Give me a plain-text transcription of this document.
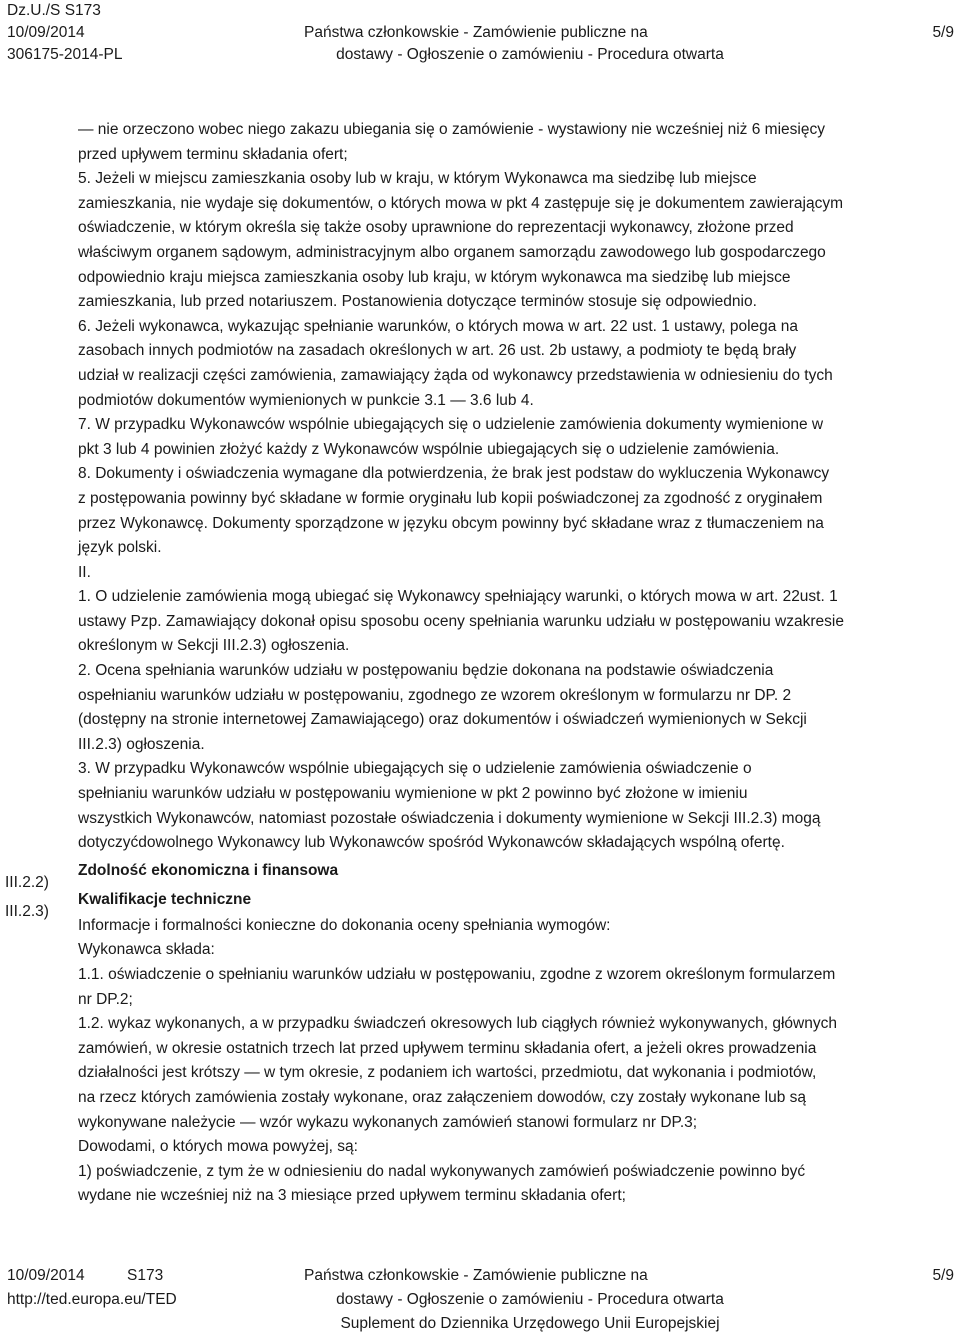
Dz.U./S S173
10/09/2014
306175-2014-PL
Państwa członkowskie - Zamówienie publiczne na
dostawy - Ogłoszenie o zamówieniu - Procedura otwarta
5/9
III.2.2)
III.2.3)
— nie orzeczono wobec niego zakazu ubiegania się o zamówienie - wystawiony nie wcześniej niż 6 miesięcy
przed upływem terminu składania ofert;
5. Jeżeli w miejscu zamieszkania osoby lub w kraju, w którym Wykonawca ma siedzibę lub miejsce
zamieszkania, nie wydaje się dokumentów, o których mowa w pkt 4 zastępuje się je dokumentem zawierającym
oświadczenie, w którym określa się także osoby uprawnione do reprezentacji wykonawcy, złożone przed
właściwym organem sądowym, administracyjnym albo organem samorządu zawodowego lub gospodarczego
odpowiednio kraju miejsca zamieszkania osoby lub kraju, w którym wykonawca ma siedzibę lub miejsce
zamieszkania, lub przed notariuszem. Postanowienia dotyczące terminów stosuje się odpowiednio.
6. Jeżeli wykonawca, wykazując spełnianie warunków, o których mowa w art. 22 ust. 1 ustawy, polega na
zasobach innych podmiotów na zasadach określonych w art. 26 ust. 2b ustawy, a podmioty te będą brały
udział w realizacji części zamówienia, zamawiający żąda od wykonawcy przedstawienia w odniesieniu do tych
podmiotów dokumentów wymienionych w punkcie 3.1 — 3.6 lub 4.
7. W przypadku Wykonawców wspólnie ubiegających się o udzielenie zamówienia dokumenty wymienione w
pkt 3 lub 4 powinien złożyć każdy z Wykonawców wspólnie ubiegających się o udzielenie zamówienia.
8. Dokumenty i oświadczenia wymagane dla potwierdzenia, że brak jest podstaw do wykluczenia Wykonawcy
z postępowania powinny być składane w formie oryginału lub kopii poświadczonej za zgodność z oryginałem
przez Wykonawcę. Dokumenty sporządzone w języku obcym powinny być składane wraz z tłumaczeniem na
język polski.
II.
1. O udzielenie zamówienia mogą ubiegać się Wykonawcy spełniający warunki, o których mowa w art. 22ust. 1
ustawy Pzp. Zamawiający dokonał opisu sposobu oceny spełniania warunku udziału w postępowaniu wzakresie
określonym w Sekcji III.2.3) ogłoszenia.
2. Ocena spełniania warunków udziału w postępowaniu będzie dokonana na podstawie oświadczenia
ospełnianiu warunków udziału w postępowaniu, zgodnego ze wzorem określonym w formularzu nr DP. 2
(dostępny na stronie internetowej Zamawiającego) oraz dokumentów i oświadczeń wymienionych w Sekcji
III.2.3) ogłoszenia.
3. W przypadku Wykonawców wspólnie ubiegających się o udzieleniе zamówienia oświadczenie o
spełnianiu warunków udziału w postępowaniu wymienione w pkt 2 powinno być złożone w imieniu
wszystkich Wykonawców, natomiast pozostałe oświadczenia i dokumenty wymienione w Sekcji III.2.3) mogą
dotyczyćdowolnego Wykonawcy lub Wykonawców spośród Wykonawców składających wspólną ofertę.
Zdolność ekonomiczna i finansowa
Kwalifikacje techniczne
Informacje i formalności konieczne do dokonania oceny spełniania wymogów:
Wykonawca składa:
1.1. oświadczenie o spełnianiu warunków udziału w postępowaniu, zgodne z wzorem określonym formularzem
nr DP.2;
1.2. wykaz wykonanych, a w przypadku świadczeń okresowych lub ciągłych również wykonywanych, głównych
zamówień, w okresie ostatnich trzech lat przed upływem terminu składania ofert, a jeżeli okres prowadzenia
działalności jest krótszy — w tym okresie, z podaniem ich wartości, przedmiotu, dat wykonania i podmiotów,
na rzecz których zamówienia zostały wykonane, oraz załączeniem dowodów, czy zostały wykonane lub są
wykonywane należycie — wzór wykazu wykonanych zamówień stanowi formularz nr DP.3;
Dowodami, o których mowa powyżej, są:
1) poświadczenie, z tym że w odniesieniu do nadal wykonywanych zamówień poświadczenie powinno być
wydane nie wcześniej niż na 3 miesiące przed upływem terminu składania ofert;
10/09/2014	S173
http://ted.europa.eu/TED
Państwa członkowskie - Zamówienie publiczne na
dostawy - Ogłoszenie o zamówieniu - Procedura otwarta
Suplement do Dziennika Urzędowego Unii Europejskiej
5/9
